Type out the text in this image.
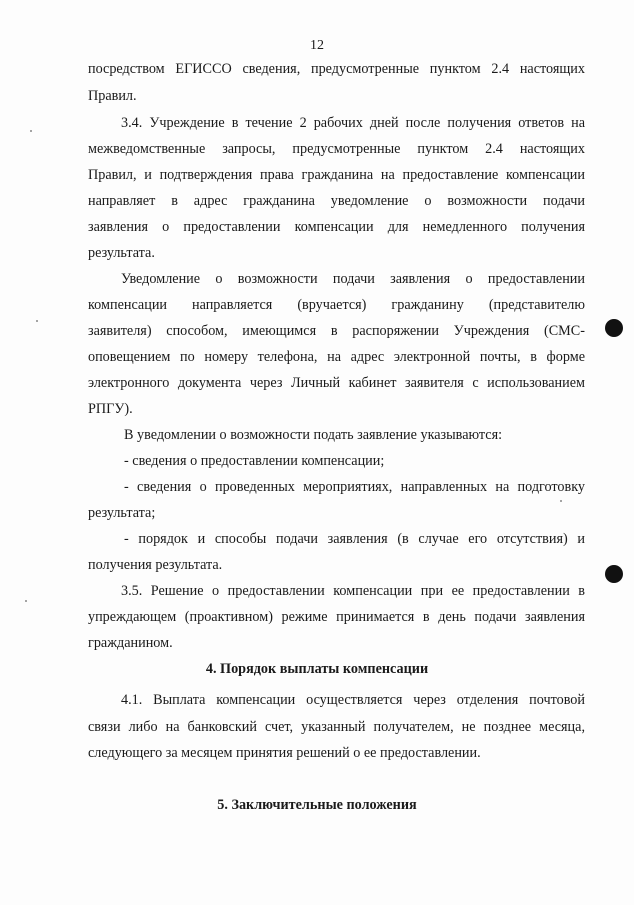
12
посредством ЕГИССО сведения, предусмотренные пунктом 2.4 настоящих
Правил.
3.4. Учреждение в течение 2 рабочих дней после получения ответов на
межведомственные запросы, предусмотренные пунктом 2.4 настоящих
Правил, и подтверждения права гражданина на предоставление компенсации
направляет в адрес гражданина уведомление о возможности подачи
заявления о предоставлении компенсации для немедленного получения
результата.
Уведомление о возможности подачи заявления о предоставлении
компенсации направляется (вручается) гражданину (представителю
заявителя) способом, имеющимся в распоряжении Учреждения (СМС-
оповещением по номеру телефона, на адрес электронной почты, в форме
электронного документа через Личный кабинет заявителя с использованием
РПГУ).
В уведомлении о возможности подать заявление указываются:
- сведения о предоставлении компенсации;
- сведения о проведенных мероприятиях, направленных на подготовку
результата;
- порядок и способы подачи заявления (в случае его отсутствия) и
получения результата.
3.5. Решение о предоставлении компенсации при ее предоставлении в
упреждающем (проактивном) режиме принимается в день подачи заявления
гражданином.
4. Порядок выплаты компенсации
4.1. Выплата компенсации осуществляется через отделения почтовой
связи либо на банковский счет, указанный получателем, не позднее месяца,
следующего за месяцем принятия решений о ее предоставлении.
5. Заключительные положения
